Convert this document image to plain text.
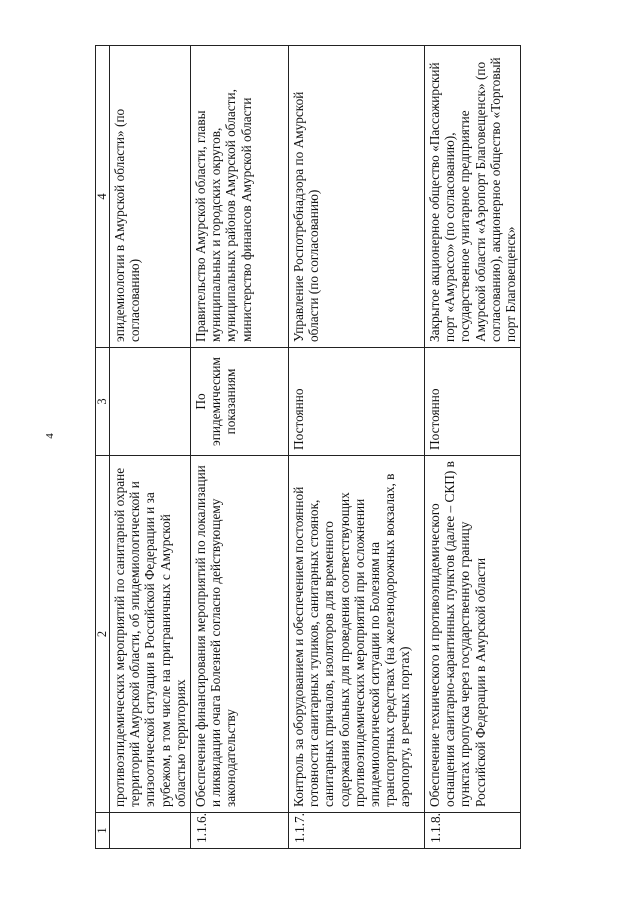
4
1	2	3	4
	противоэпидемических мероприятий по санитарной охране территорий Амурской области, об эпидемиологической и эпизоотической ситуации в Российской Федерации и за рубежом, в том числе на приграничных с Амурской областью территориях		эпидемиологии в Амурской области» (по согласованию)
1.1.6.	Обеспечение финансирования мероприятий по локализации и ликвидации очага Болезней согласно действующему законодательству	По эпидемическим показаниям	Правительство Амурской области, главы муниципальных и городских округов, муниципальных районов Амурской области, министерство финансов Амурской области
1.1.7.	Контроль за оборудованием и обеспечением постоянной готовности санитарных тупиков, санитарных стоянок, санитарных причалов, изоляторов для временного содержания больных для проведения соответствующих противоэпидемических мероприятий при осложнении эпидемиологической ситуации по Болезням на транспортных средствах (на железнодорожных вокзалах, в аэропорту, в речных портах)	Постоянно	Управление Роспотребнадзора по Амурской области (по согласованию)
1.1.8.	Обеспечение технического и противоэпидемического оснащения санитарно-карантинных пунктов (далее – СКП) в пунктах пропуска через государственную границу Российской Федерации в Амурской области	Постоянно	Закрытое акционерное общество «Пассажирский порт «Амурассо» (по согласованию), государственное унитарное предприятие Амурской области «Аэропорт Благовещенск» (по согласованию), акционерное общество «Торговый порт Благовещенск»
